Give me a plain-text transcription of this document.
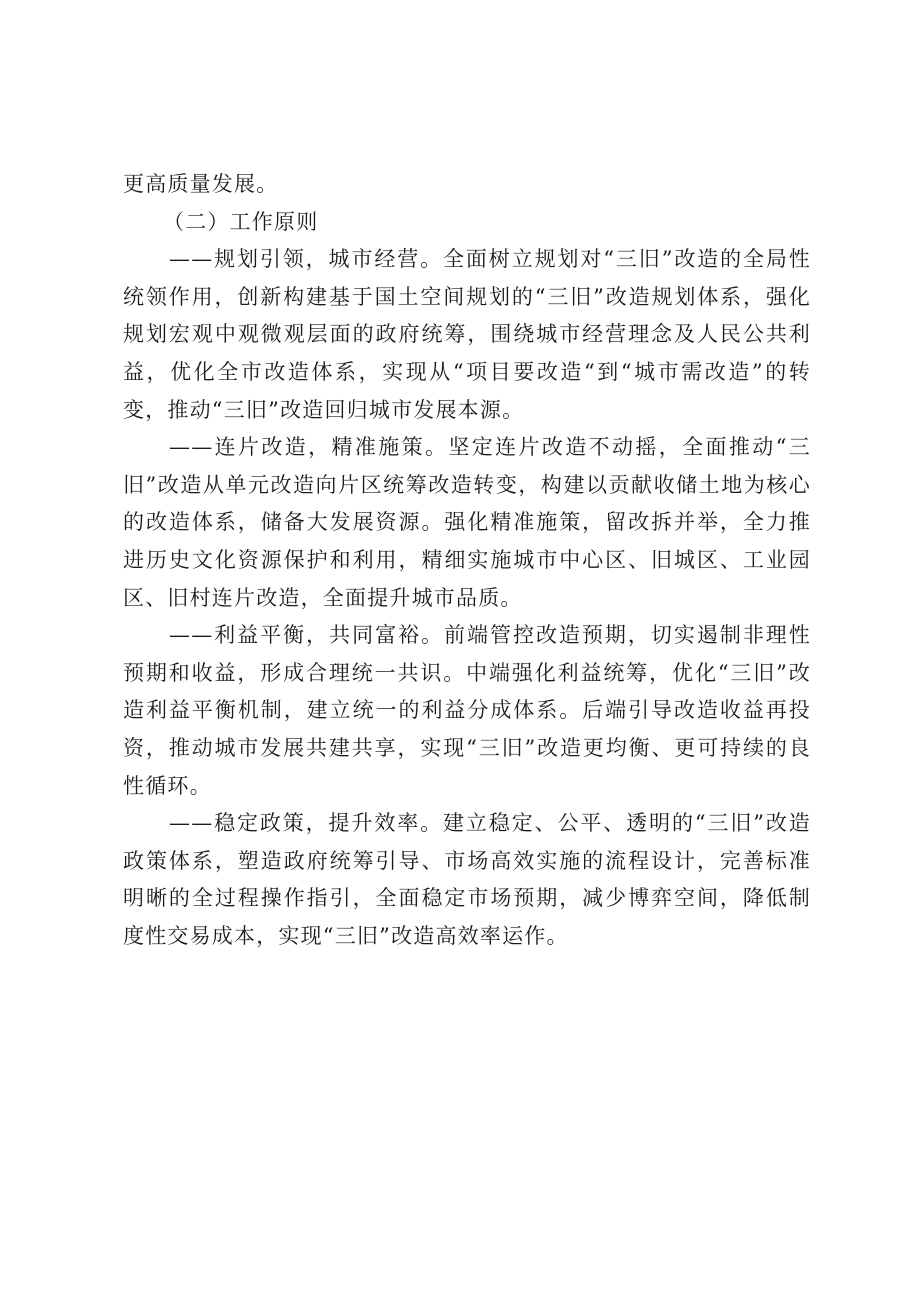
更高质量发展。

（二）工作原则

——规划引领，城市经营。全面树立规划对“三旧”改造的全局性统领作用，创新构建基于国土空间规划的“三旧”改造规划体系，强化规划宏观中观微观层面的政府统筹，围绕城市经营理念及人民公共利益，优化全市改造体系，实现从“项目要改造“到“城市需改造”的转变，推动“三旧”改造回归城市发展本源。

——连片改造，精准施策。坚定连片改造不动摇，全面推动“三旧”改造从单元改造向片区统筹改造转变，构建以贡献收储土地为核心的改造体系，储备大发展资源。强化精准施策，留改拆并举，全力推进历史文化资源保护和利用，精细实施城市中心区、旧城区、工业园区、旧村连片改造，全面提升城市品质。

——利益平衡，共同富裕。前端管控改造预期，切实遏制非理性预期和收益，形成合理统一共识。中端强化利益统筹，优化“三旧”改造利益平衡机制，建立统一的利益分成体系。后端引导改造收益再投资，推动城市发展共建共享，实现“三旧”改造更均衡、更可持续的良性循环。

——稳定政策，提升效率。建立稳定、公平、透明的“三旧”改造政策体系，塑造政府统筹引导、市场高效实施的流程设计，完善标准明晰的全过程操作指引，全面稳定市场预期，减少博弈空间，降低制度性交易成本，实现“三旧”改造高效率运作。
